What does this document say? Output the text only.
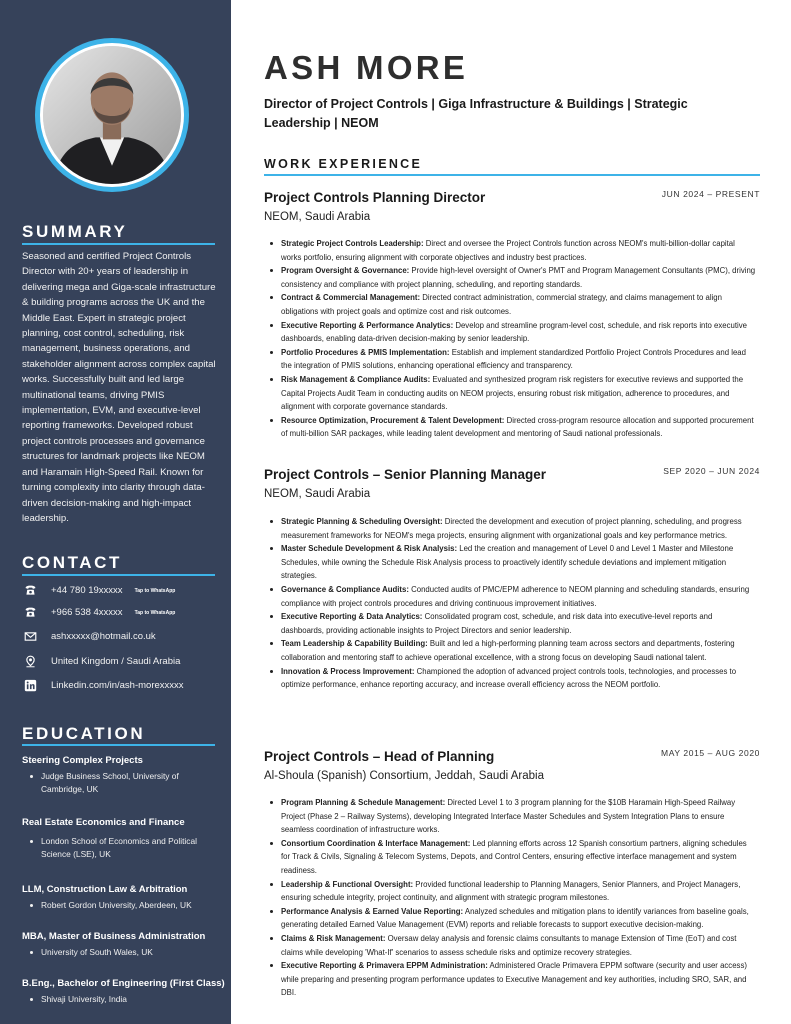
SUMMARY
Seasoned and certified Project Controls Director with 20+ years of leadership in delivering mega and Giga-scale infrastructure & building programs across the UK and the Middle East. Expert in strategic project planning, cost control, scheduling, risk management, business operations, and stakeholder alignment across complex capital works. Successfully built and led large multinational teams, driving PMIS implementation, EVM, and executive-level reporting frameworks. Developed robust project controls processes and governance structures for landmark projects like NEOM and Haramain High-Speed Rail. Known for turning complexity into clarity through data-driven decision-making and high-impact leadership.
CONTACT
+44 780 19xxxxx Tap to WhatsApp
+966 538 4xxxxx Tap to WhatsApp
ashxxxxx@hotmail.co.uk
United Kingdom / Saudi Arabia
Linkedin.com/in/ash-morexxxxx
EDUCATION
Steering Complex Projects
Judge Business School, University of Cambridge, UK
Real Estate Economics and Finance
London School of Economics and Political Science (LSE), UK
LLM, Construction Law & Arbitration
Robert Gordon University, Aberdeen, UK
MBA, Master of Business Administration
University of South Wales, UK
B.Eng., Bachelor of Engineering (First Class)
Shivaji University, India
ASH MORE
Director of Project Controls | Giga Infrastructure & Buildings | Strategic Leadership | NEOM
WORK EXPERIENCE
Project Controls Planning Director	JUN 2024 – PRESENT
NEOM, Saudi Arabia
Strategic Project Controls Leadership: Direct and oversee the Project Controls function across NEOM's multi-billion-dollar capital works portfolio, ensuring alignment with corporate objectives and industry best practices.
Program Oversight & Governance: Provide high-level oversight of Owner's PMT and Program Management Consultants (PMC), driving consistency and compliance with project planning, scheduling, and reporting standards.
Contract & Commercial Management: Directed contract administration, commercial strategy, and claims management to align obligations with project goals and optimize cost and risk outcomes.
Executive Reporting & Performance Analytics: Develop and streamline program-level cost, schedule, and risk reports into executive dashboards, enabling data-driven decision-making by senior leadership.
Portfolio Procedures & PMIS Implementation: Establish and implement standardized Portfolio Project Controls Procedures and lead the integration of PMIS solutions, enhancing operational efficiency and transparency.
Risk Management & Compliance Audits: Evaluated and synthesized program risk registers for executive reviews and supported the Capital Projects Audit Team in conducting audits on NEOM projects, ensuring robust risk mitigation, adherence to procedures, and alignment with corporate governance standards.
Resource Optimization, Procurement & Talent Development: Directed cross-program resource allocation and supported procurement of multi-billion SAR packages, while leading talent development and mentoring of Saudi national professionals.
Project Controls – Senior Planning Manager	SEP 2020 – JUN 2024
NEOM, Saudi Arabia
Strategic Planning & Scheduling Oversight: Directed the development and execution of project planning, scheduling, and progress measurement frameworks for NEOM's mega projects, ensuring alignment with organizational goals and key performance metrics.
Master Schedule Development & Risk Analysis: Led the creation and management of Level 0 and Level 1 Master and Milestone Schedules, while owning the Schedule Risk Analysis process to proactively identify schedule deviations and implement mitigation strategies.
Governance & Compliance Audits: Conducted audits of PMC/EPM adherence to NEOM planning and scheduling standards, ensuring compliance with project controls procedures and driving continuous improvement initiatives.
Executive Reporting & Data Analytics: Consolidated program cost, schedule, and risk data into executive-level reports and dashboards, providing actionable insights to Project Directors and senior leadership.
Team Leadership & Capability Building: Built and led a high-performing planning team across sectors and departments, fostering collaboration and mentoring staff to achieve operational excellence, with a strong focus on developing Saudi national talent.
Innovation & Process Improvement: Championed the adoption of advanced project controls tools, technologies, and processes to optimize performance, enhance reporting accuracy, and increase overall efficiency across the NEOM portfolio.
Project Controls – Head of Planning	MAY 2015 – AUG 2020
Al-Shoula (Spanish) Consortium, Jeddah, Saudi Arabia
Program Planning & Schedule Management: Directed Level 1 to 3 program planning for the $10B Haramain High-Speed Railway Project (Phase 2 – Railway Systems), developing Integrated Interface Master Schedules and System Integration Plans to ensure seamless coordination of infrastructure works.
Consortium Coordination & Interface Management: Led planning efforts across 12 Spanish consortium partners, aligning schedules for Track & Civils, Signaling & Telecom Systems, Depots, and Control Centers, ensuring effective interface management and system readiness.
Leadership & Functional Oversight: Provided functional leadership to Planning Managers, Senior Planners, and Project Managers, ensuring schedule integrity, project continuity, and alignment with strategic program milestones.
Performance Analysis & Earned Value Reporting: Analyzed schedules and mitigation plans to identify variances from baseline goals, generating detailed Earned Value Management (EVM) reports and reliable forecasts to support executive decision-making.
Claims & Risk Management: Oversaw delay analysis and forensic claims consultants to manage Extension of Time (EoT) and cost claims while developing 'What-If' scenarios to assess schedule risks and optimize recovery strategies.
Executive Reporting & Primavera EPPM Administration: Administered Oracle Primavera EPPM software (security and user access) while preparing and presenting program performance updates to Executive Management and key authorities, including SRO, SAR, and DBI.
